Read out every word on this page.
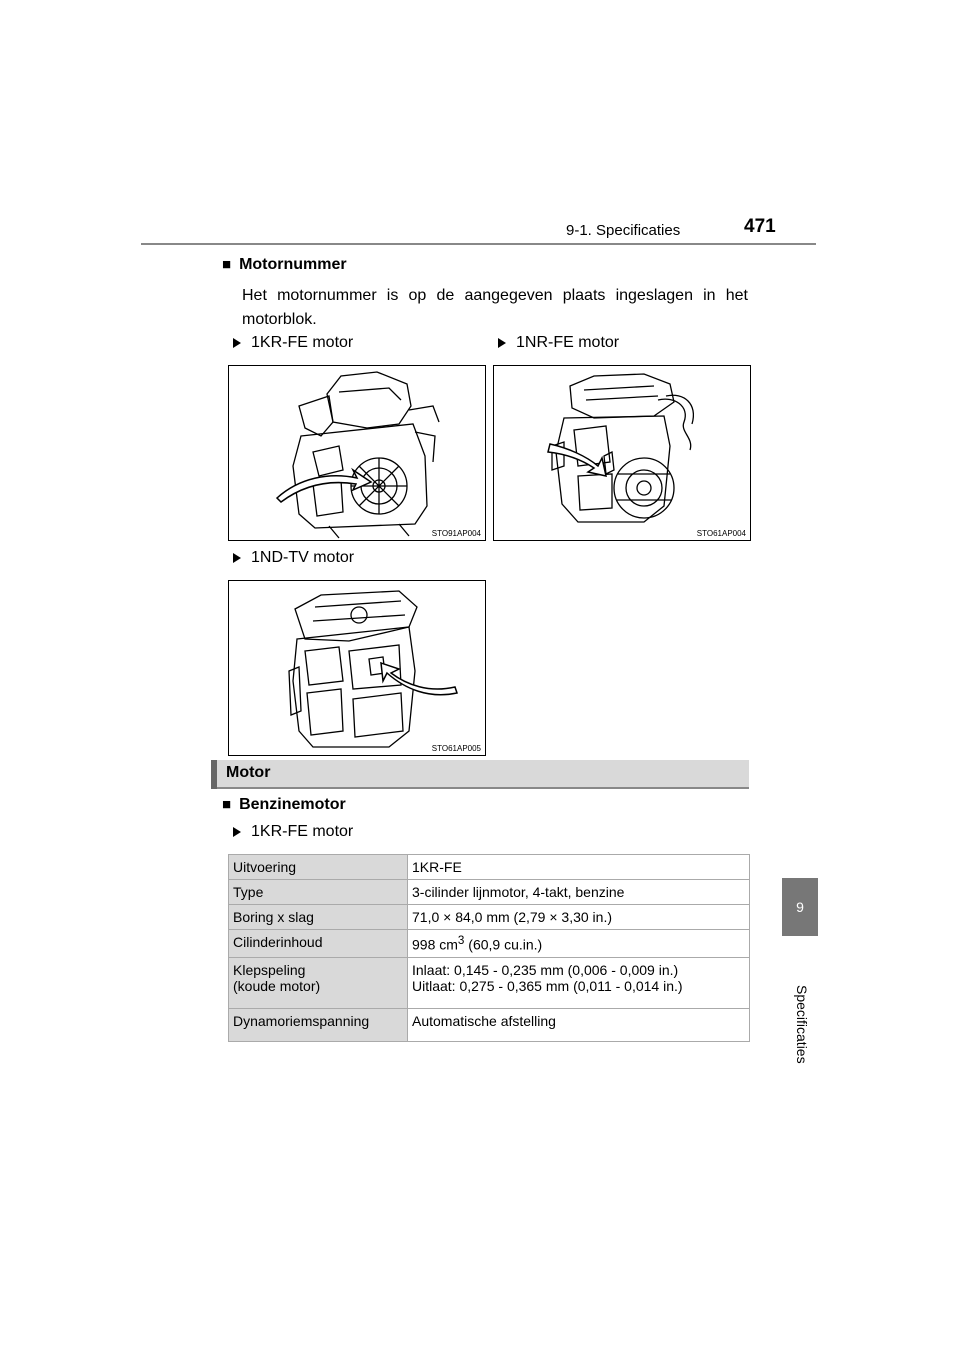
9-1. Specificaties	471
9
Specificaties
■ Motornummer
Het motornummer is op de aangegeven plaats ingeslagen in het motorblok.
1KR-FE motor	1NR-FE motor
STO91AP004	STO61AP004
1ND-TV motor
STO61AP005
Motor
■ Benzinemotor
1KR-FE motor
Uitvoering	1KR-FE
Type	3-cilinder lijnmotor, 4-takt, benzine
Boring x slag	71,0 × 84,0 mm (2,79 × 3,30 in.)
Cilinderinhoud	998 $cm^3$ (60,9 cu.in.)
Klepspeling
(koude motor)	Inlaat: 0,145 - 0,235 mm (0,006 - 0,009 in.)
Uitlaat: 0,275 - 0,365 mm (0,011 - 0,014 in.)
Dynamoriemspanning	Automatische afstelling
